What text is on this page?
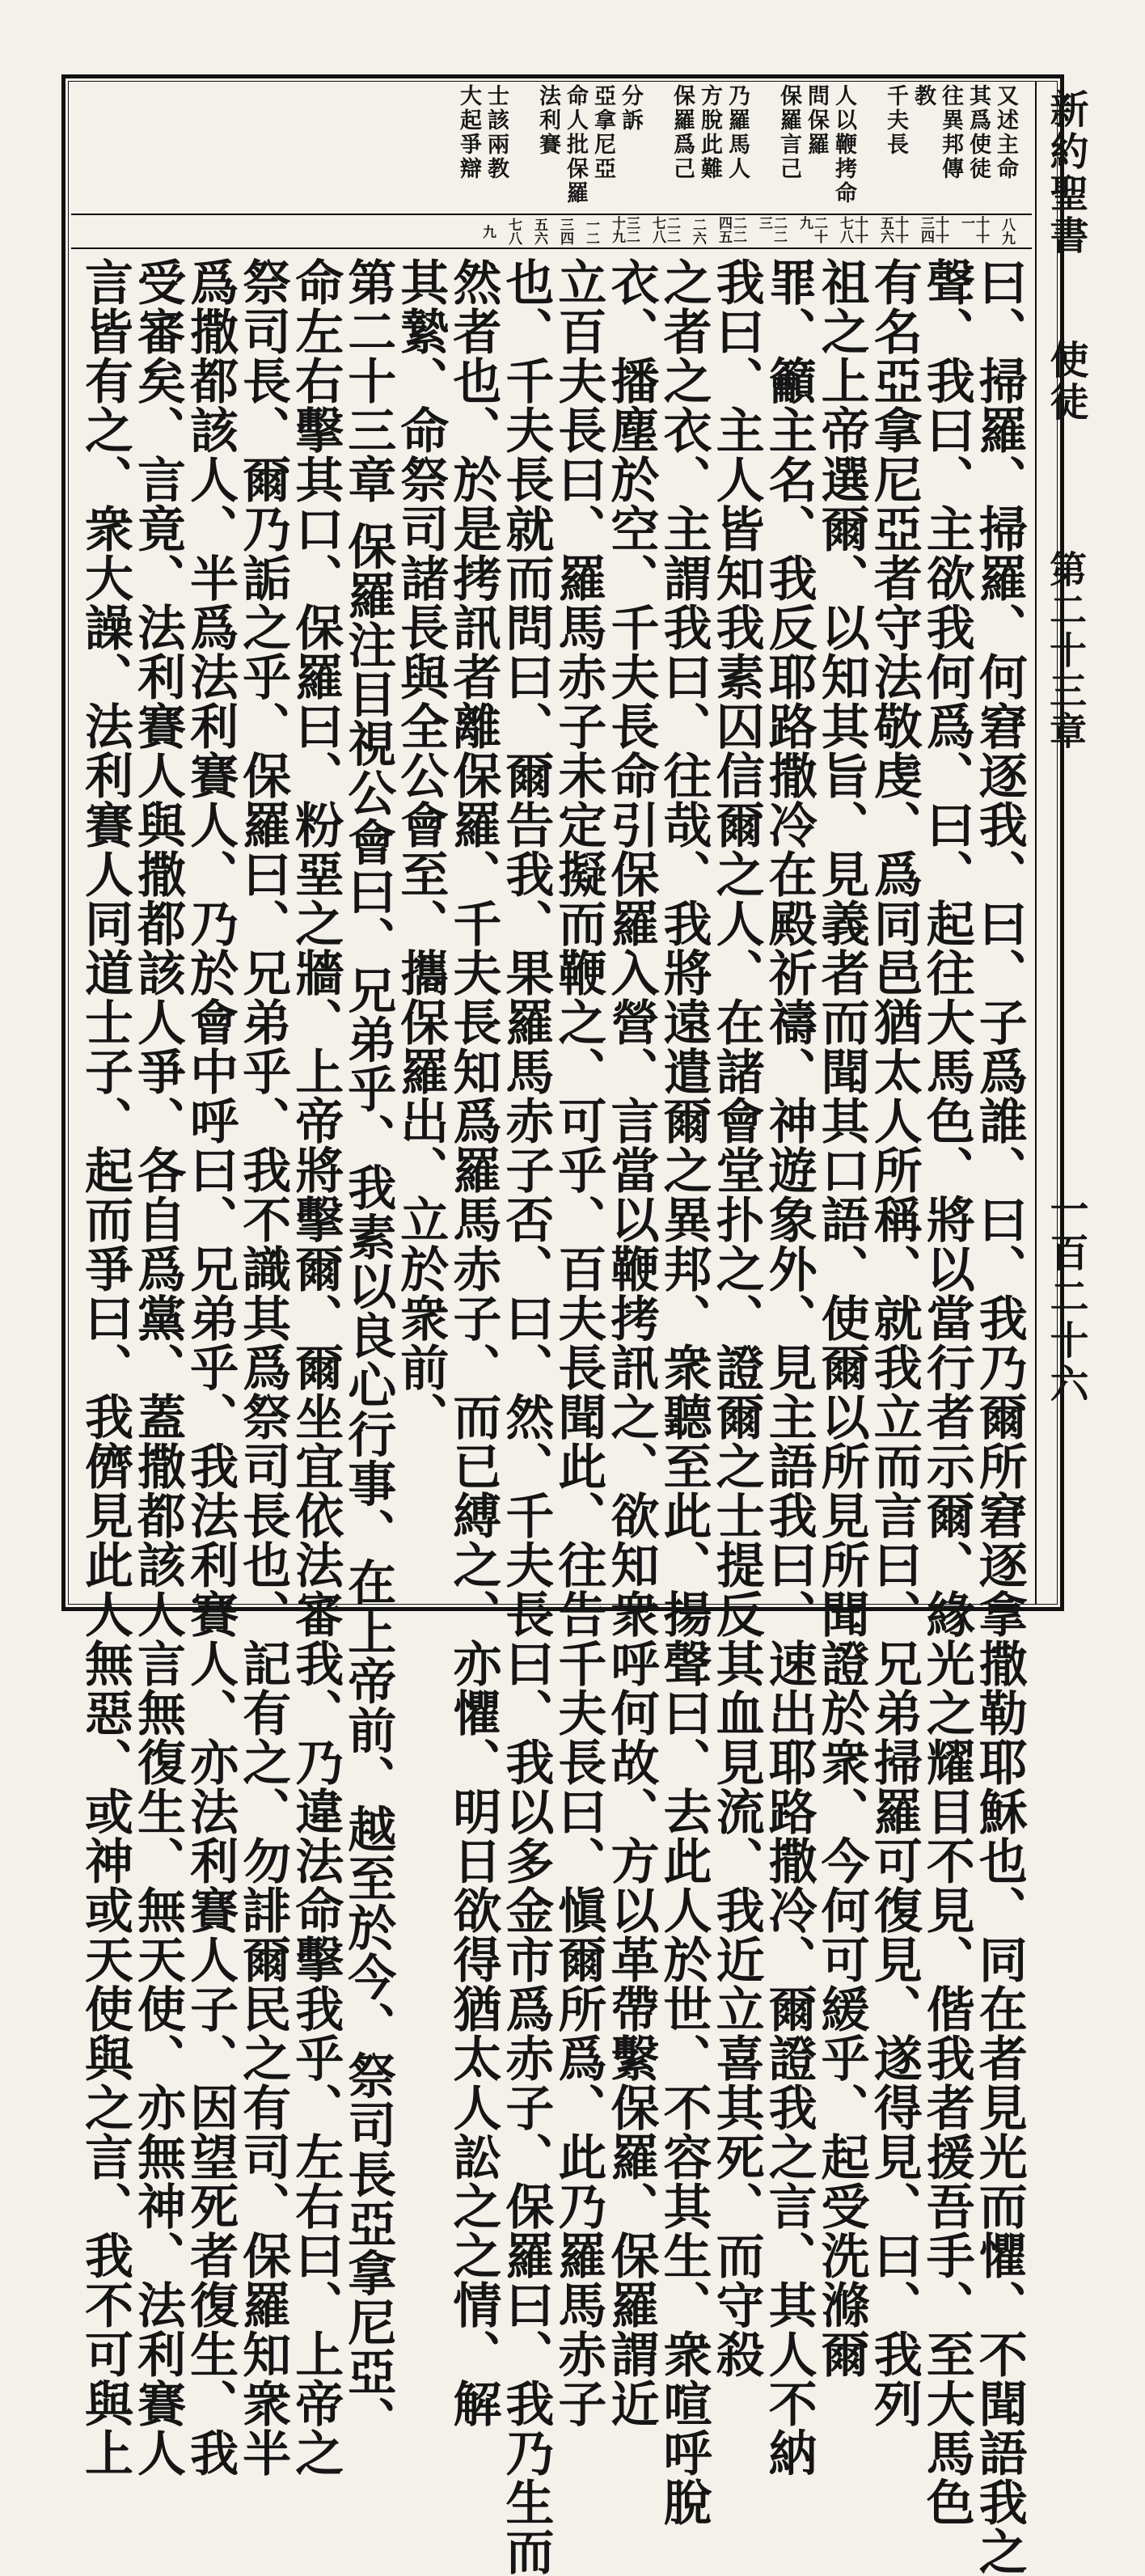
新約聖書
使徒
第二十三章
一百二十六
又述主命
其爲使徒
往異邦傳
教
千夫長
人以鞭拷命
問保羅
保羅言己
乃羅馬人
方脫此難
保羅爲己
分訴
亞拿尼亞
命人批保羅
法利賽
士該兩教
大起爭辯
八九
十十一
十十三四
十十五六
十十七八
二十九
二二三
二二四五
二六
二二七八
三二十九
一二
三四
五六
七八
九
曰、掃羅、掃羅、何窘逐我、曰、子爲誰、曰、我乃爾所窘逐拿撒勒耶穌也、同在者見光而懼、不聞語我之
聲、我曰、主欲我何爲、曰、起往大馬色、將以當行者示爾、緣光之耀目不見、偕我者援吾手、至大馬色
有名亞拿尼亞者守法敬虔、爲同邑猶太人所稱、就我立而言曰、兄弟掃羅可復見、遂得見、曰、我列
祖之上帝選爾、以知其旨、見義者而聞其口語、使爾以所見所聞證於衆、今何可緩乎、起受洗滌爾
罪、籲主名、我反耶路撒冷在殿祈禱、神遊象外、見主語我曰、速出耶路撒冷、爾證我之言、其人不納
我曰、主人皆知我素囚信爾之人、在諸會堂扑之、證爾之士提反其血見流、我近立喜其死、而守殺
之者之衣、主謂我曰、往哉、我將遠遣爾之異邦、衆聽至此、揚聲曰、去此人於世、不容其生、衆喧呼脫
衣、播塵於空、千夫長命引保羅入營、言當以鞭拷訊之、欲知衆呼何故、方以革帶繫保羅、保羅謂近
立百夫長曰、羅馬赤子未定擬而鞭之、可乎、百夫長聞此、往告千夫長曰、愼爾所爲、此乃羅馬赤子
也、千夫長就而問曰、爾告我、果羅馬赤子否、曰、然、千夫長曰、我以多金市爲赤子、保羅曰、我乃生而
然者也、於是拷訊者離保羅、千夫長知爲羅馬赤子、而已縛之、亦懼、明日欲得猶太人訟之之情、解
其縶、命祭司諸長與全公會至、攜保羅出、立於衆前、
第二十三章 保羅注目視公會曰、兄弟乎、我素以良心行事、在上帝前、越至於今、祭司長亞拿尼亞、
命左右擊其口、保羅曰、粉堊之牆、上帝將擊爾、爾坐宜依法審我、乃違法命擊我乎、左右曰、上帝之
祭司長、爾乃詬之乎、保羅曰、兄弟乎、我不識其爲祭司長也、記有之、勿誹爾民之有司、保羅知衆半
爲撒都該人、半爲法利賽人、乃於會中呼曰、兄弟乎、我法利賽人、亦法利賽人子、因望死者復生、我
受審矣、言竟、法利賽人與撒都該人爭、各自爲黨、蓋撒都該人言無復生、無天使、亦無神、法利賽人
言皆有之、衆大譟、法利賽人同道士子、起而爭曰、我儕見此人無惡、或神或天使與之言、我不可與上
